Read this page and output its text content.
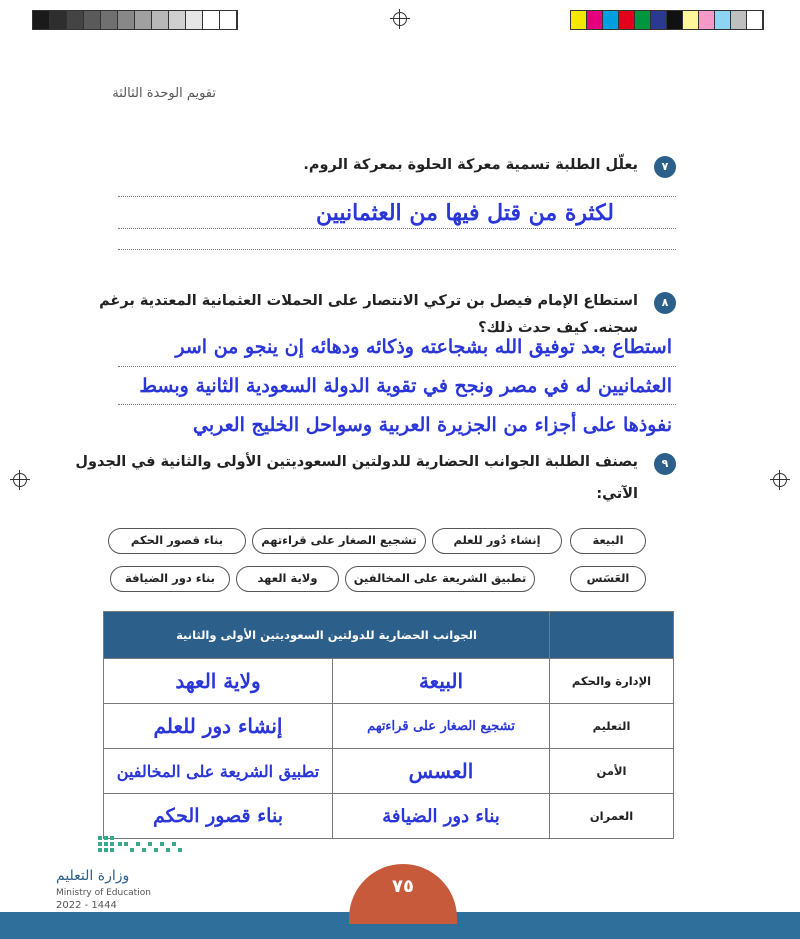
تقويم الوحدة الثالثة
٧
يعلّل الطلبة تسمية معركة الحلوة بمعركة الروم.
لكثرة من قتل فيها من العثمانيين
٨
استطاع الإمام فيصل بن تركي الانتصار على الحملات العثمانية المعتدية برغم
سجنه. كيف حدث ذلك؟
استطاع بعد توفيق الله بشجاعته وذكائه ودهائه إن ينجو من اسر
العثمانيين له في مصر ونجح في تقوية الدولة السعودية الثانية وبسط
نفوذها على أجزاء من الجزيرة العربية وسواحل الخليج العربي
٩
يصنف الطلبة الجوانب الحضارية للدولتين السعوديتين الأولى والثانية في الجدول
الآتي:
البيعة
إنشاء دُور للعلم
تشجيع الصغار على قراءتهم
بناء قصور الحكم
العَسَس
تطبيق الشريعة على المخالفين
ولاية العهد
بناء دور الضيافة
	الجوانب الحضارية للدولتين السعوديتين الأولى والثانية	
الإدارة والحكم	البيعة	ولاية العهد
التعليم	تشجيع الصغار على قراءتهم	إنشاء دور للعلم
الأمن	العسس	تطبيق الشريعة على المخالفين
العمران	بناء دور الضيافة	بناء قصور الحكم
وزارة التعليم
Ministry of Education
2022 - 1444
٧٥
